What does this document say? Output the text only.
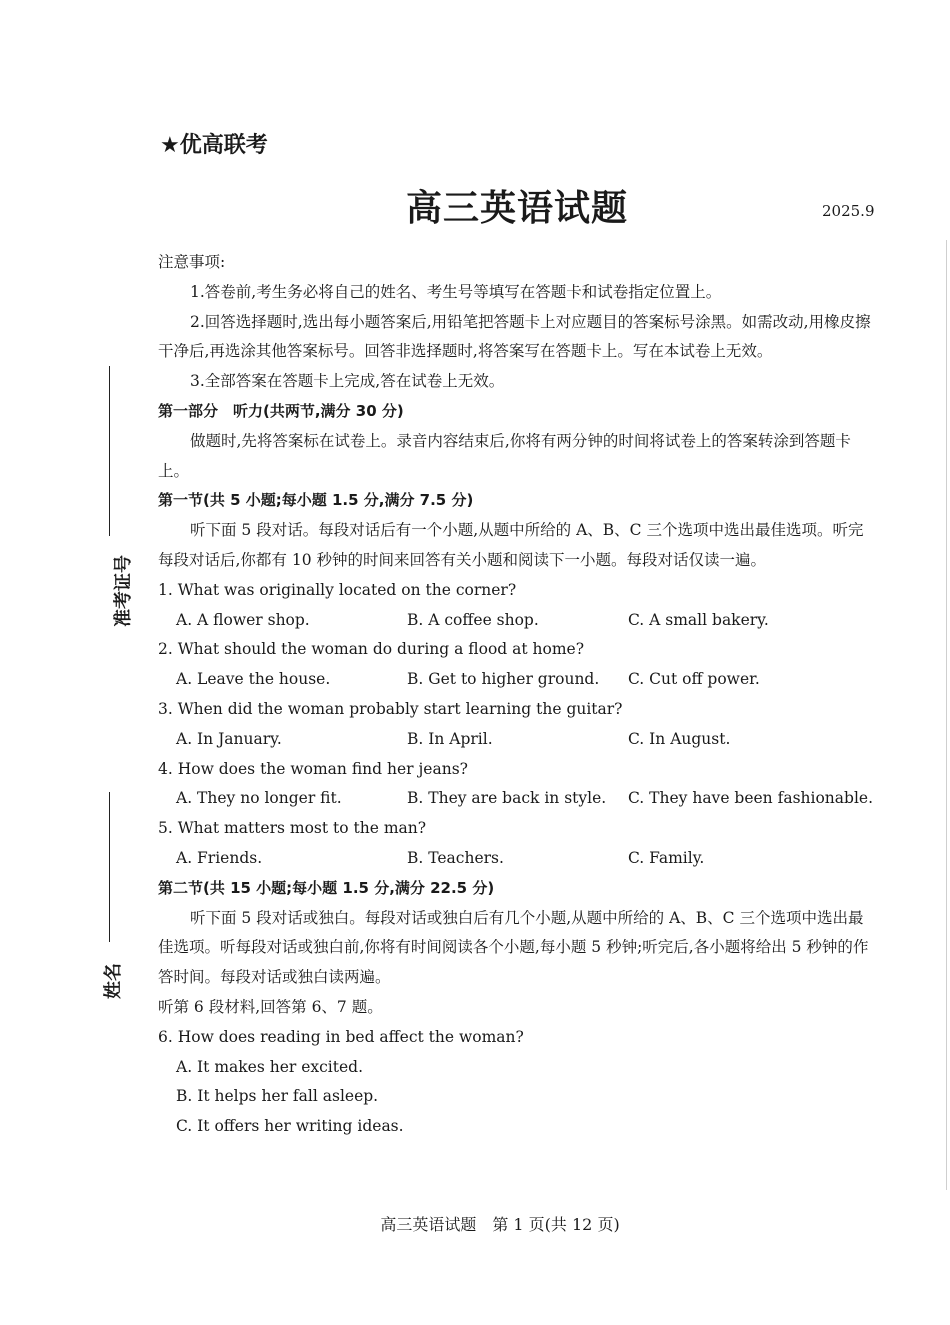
★优高联考
高三英语试题	2025.9
准考证号
姓名

注意事项:

1.答卷前,考生务必将自己的姓名、考生号等填写在答题卡和试卷指定位置上。

2.回答选择题时,选出每小题答案后,用铅笔把答题卡上对应题目的答案标号涂黑。如需改动,用橡皮擦干净后,再选涂其他答案标号。回答非选择题时,将答案写在答题卡上。写在本试卷上无效。

3.全部答案在答题卡上完成,答在试卷上无效。

第一部分　听力(共两节,满分 30 分)

做题时,先将答案标在试卷上。录音内容结束后,你将有两分钟的时间将试卷上的答案转涂到答题卡上。

第一节(共 5 小题;每小题 1.5 分,满分 7.5 分)

听下面 5 段对话。每段对话后有一个小题,从题中所给的 A、B、C 三个选项中选出最佳选项。听完每段对话后,你都有 10 秒钟的时间来回答有关小题和阅读下一小题。每段对话仅读一遍。

1. What was originally located on the corner?

A. A flower shop.	B. A coffee shop.	C. A small bakery.

2. What should the woman do during a flood at home?

A. Leave the house.	B. Get to higher ground.	C. Cut off power.

3. When did the woman probably start learning the guitar?

A. In January.	B. In April.	C. In August.

4. How does the woman find her jeans?

A. They no longer fit.	B. They are back in style.	C. They have been fashionable.

5. What matters most to the man?

A. Friends.	B. Teachers.	C. Family.

第二节(共 15 小题;每小题 1.5 分,满分 22.5 分)

听下面 5 段对话或独白。每段对话或独白后有几个小题,从题中所给的 A、B、C 三个选项中选出最佳选项。听每段对话或独白前,你将有时间阅读各个小题,每小题 5 秒钟;听完后,各小题将给出 5 秒钟的作答时间。每段对话或独白读两遍。

听第 6 段材料,回答第 6、7 题。

6. How does reading in bed affect the woman?

A. It makes her excited.

B. It helps her fall asleep.

C. It offers her writing ideas.

高三英语试题　第 1 页(共 12 页)
